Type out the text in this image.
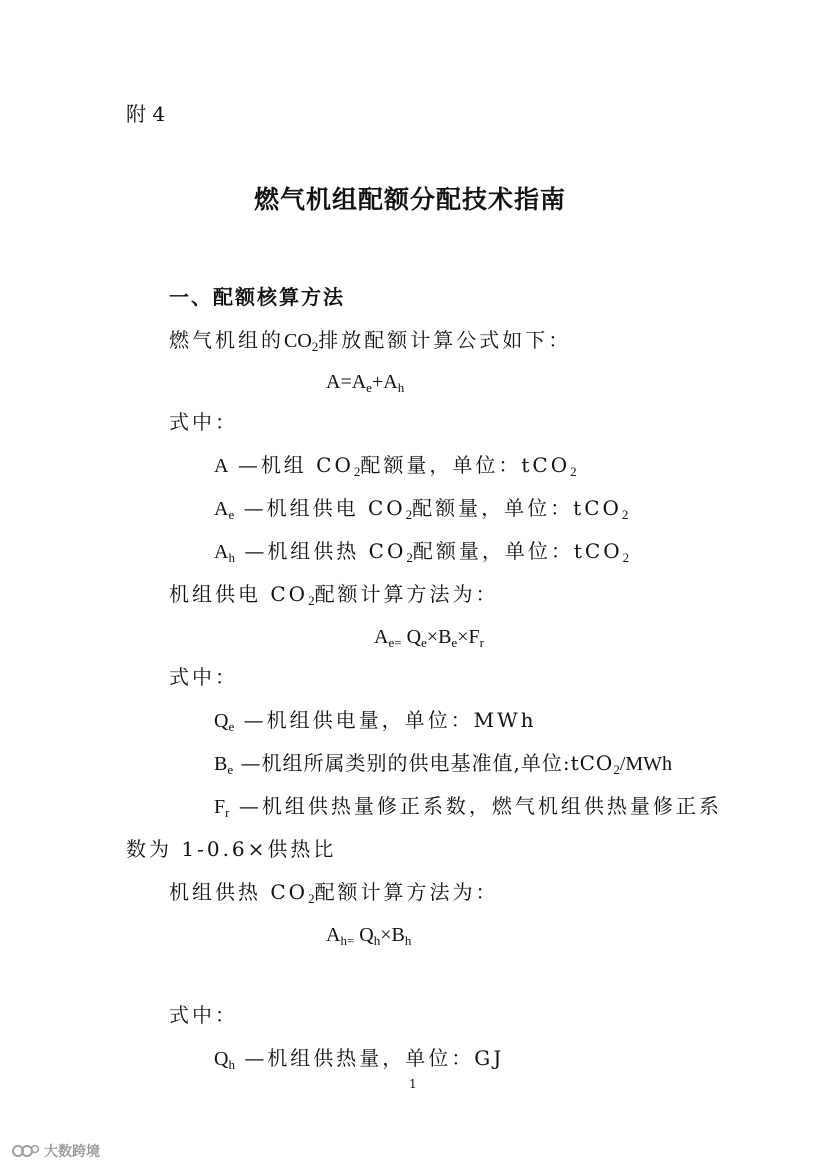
附 4
燃气机组配额分配技术指南
一、配额核算方法
燃气机组的$CO_2$排放配额计算公式如下：
$A=A_e+A_h$
式中：
A —机组 $CO_2$配额量，单位：tCO$_2$
$A_e$ —机组供电 $CO_2$配额量，单位：tCO$_2$
$A_h$ —机组供热 $CO_2$配额量，单位：tCO$_2$
机组供电 $CO_2$配额计算方法为：
$A_{e=}$ $Q_e\times B_e\times F_r$
式中：
$Q_e$ —机组供电量，单位：MWh
$B_e$ —机组所属类别的供电基准值,单位:tCO$_2$/MWh
$F_r$ —机组供热量修正系数，燃气机组供热量修正系
数为 1-0.6×供热比
机组供热 $CO_2$配额计算方法为：
$A_{h=}$ $Q_h\times B_h$
式中：
$Q_h$ —机组供热量，单位：GJ
1
大数跨境
